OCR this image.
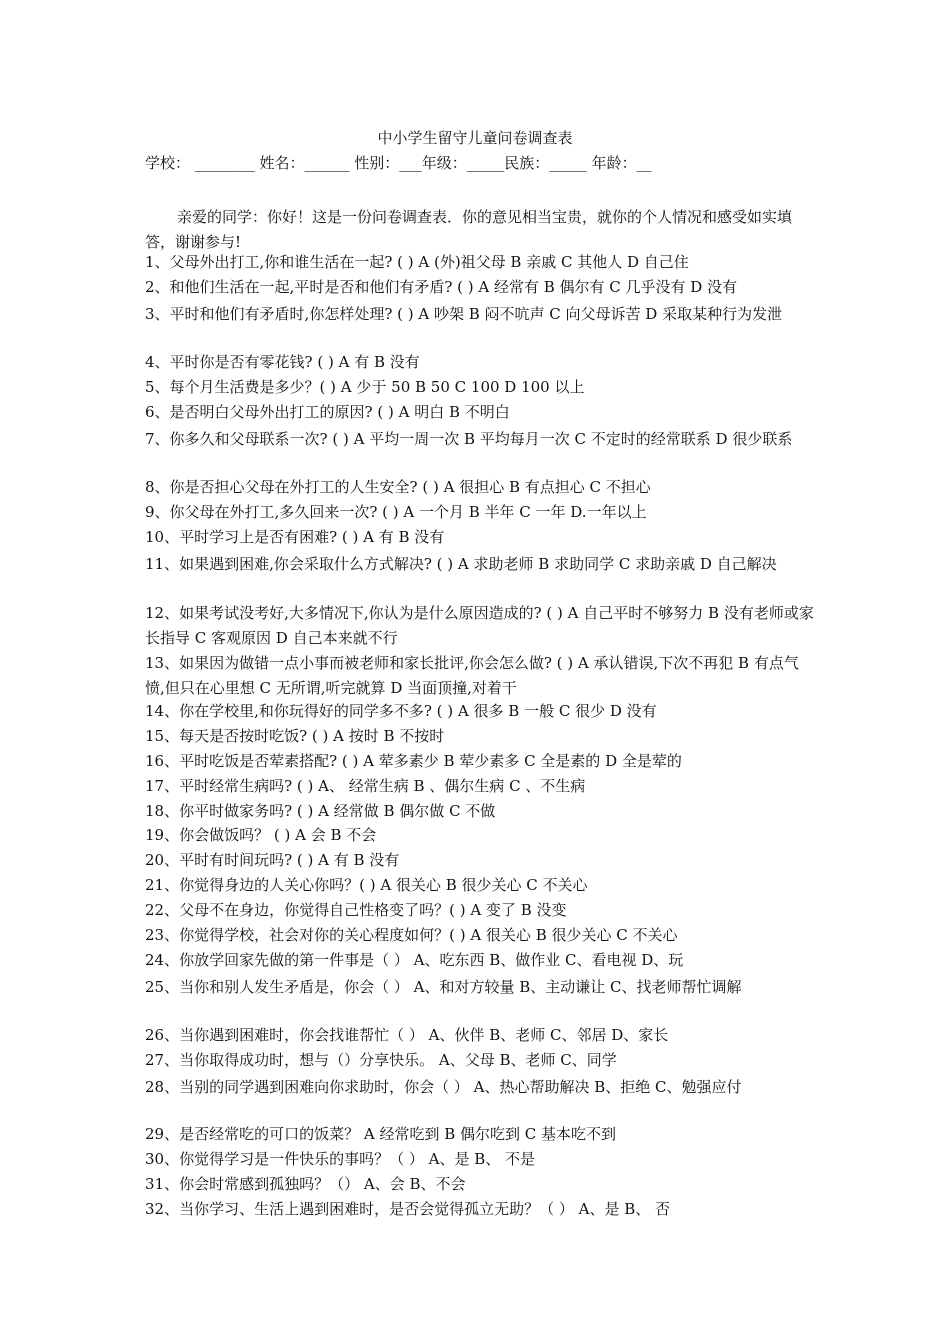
中小学生留守儿童问卷调查表
学校： ________ 姓名：______ 性别：___年级：_____民族：_____ 年龄：__
亲爱的同学：你好！这是一份问卷调查表．你的意见相当宝贵，就你的个人情况和感受如实填答，谢谢参与!
1、父母外出打工,你和谁生活在一起? ( ) A (外)祖父母 B 亲戚 C 其他人 D 自己住
2、和他们生活在一起,平时是否和他们有矛盾? ( ) A 经常有 B 偶尔有 C 几乎没有 D 没有
3、平时和他们有矛盾时,你怎样处理? ( ) A 吵架 B 闷不吭声 C 向父母诉苦 D 采取某种行为发泄
4、平时你是否有零花钱? ( ) A 有 B 没有
5、每个月生活费是多少？( ) A 少于 50 B 50 C 100 D 100 以上
6、是否明白父母外出打工的原因? ( ) A 明白 B 不明白
7、你多久和父母联系一次? ( ) A 平均一周一次 B 平均每月一次 C 不定时的经常联系 D 很少联系
8、你是否担心父母在外打工的人生安全? ( ) A 很担心 B 有点担心 C 不担心
9、你父母在外打工,多久回来一次? ( ) A 一个月 B 半年 C 一年 D.一年以上
10、平时学习上是否有困难? ( ) A 有 B 没有
11、如果遇到困难,你会采取什么方式解决? ( ) A 求助老师 B 求助同学 C 求助亲戚 D 自己解决
12、如果考试没考好,大多情况下,你认为是什么原因造成的? ( ) A 自己平时不够努力 B 没有老师或家长指导 C 客观原因 D 自己本来就不行
13、如果因为做错一点小事而被老师和家长批评,你会怎么做? ( ) A 承认错误,下次不再犯 B 有点气愤,但只在心里想 C 无所谓,听完就算 D 当面顶撞,对着干
14、你在学校里,和你玩得好的同学多不多? ( ) A 很多 B 一般 C 很少 D 没有
15、每天是否按时吃饭? ( ) A 按时 B 不按时
16、平时吃饭是否荤素搭配? ( ) A 荤多素少 B 荤少素多 C 全是素的 D 全是荤的
17、平时经常生病吗? ( ) A、 经常生病 B 、偶尔生病 C 、不生病
18、你平时做家务吗? ( ) A 经常做 B 偶尔做 C 不做
19、你会做饭吗？ ( ) A 会 B 不会
20、平时有时间玩吗? ( ) A 有 B 没有
21、你觉得身边的人关心你吗？( ) A 很关心 B 很少关心 C 不关心
22、父母不在身边，你觉得自己性格变了吗？( ) A 变了 B 没变
23、你觉得学校，社会对你的关心程度如何？( ) A 很关心 B 很少关心 C 不关心
24、你放学回家先做的第一件事是（ ） A、吃东西 B、做作业 C、看电视 D、玩
25、当你和别人发生矛盾是，你会（ ） A、和对方较量 B、主动谦让 C、找老师帮忙调解
26、当你遇到困难时，你会找谁帮忙（ ） A、伙伴 B、老师 C、邻居 D、家长
27、当你取得成功时，想与（）分享快乐。 A、父母 B、老师 C、同学
28、当别的同学遇到困难向你求助时，你会（ ） A、热心帮助解决 B、拒绝 C、勉强应付
29、是否经常吃的可口的饭菜？ A 经常吃到 B 偶尔吃到 C 基本吃不到
30、你觉得学习是一件快乐的事吗？（ ） A、是 B、 不是
31、你会时常感到孤独吗？（） A、会 B、不会
32、当你学习、生活上遇到困难时，是否会觉得孤立无助？（ ） A、是 B、 否
